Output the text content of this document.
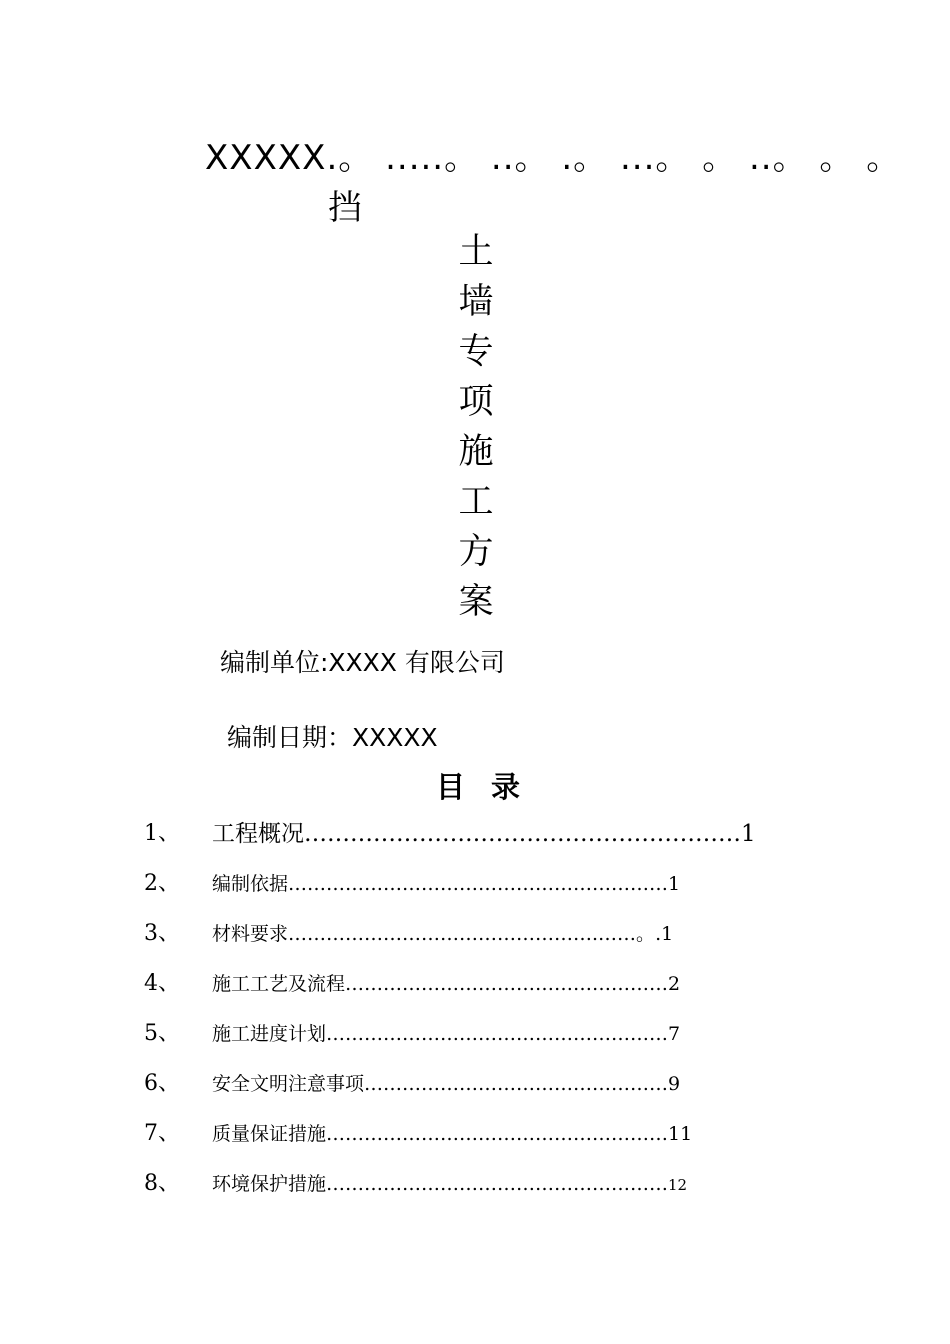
XXXXX.。 .....。 ..。 .。 ...。 。 ..。 。 。
挡
土
墙
专
项
施
工
方
案
编制单位:XXXX 有限公司
编制日期：XXXXX
目录
1、 工程概况…………………………………………………1
2、 编制依据……………………………………………………1
3、 材料要求………………………………………….……。.1
4、 施工工艺及流程……………………………………………2
5、 施工进度计划………………………………………………7
6、 安全文明注意事项…………………………………………9
7、 质量保证措施………………………………………………11
8、 环境保护措施………………………………………………12
